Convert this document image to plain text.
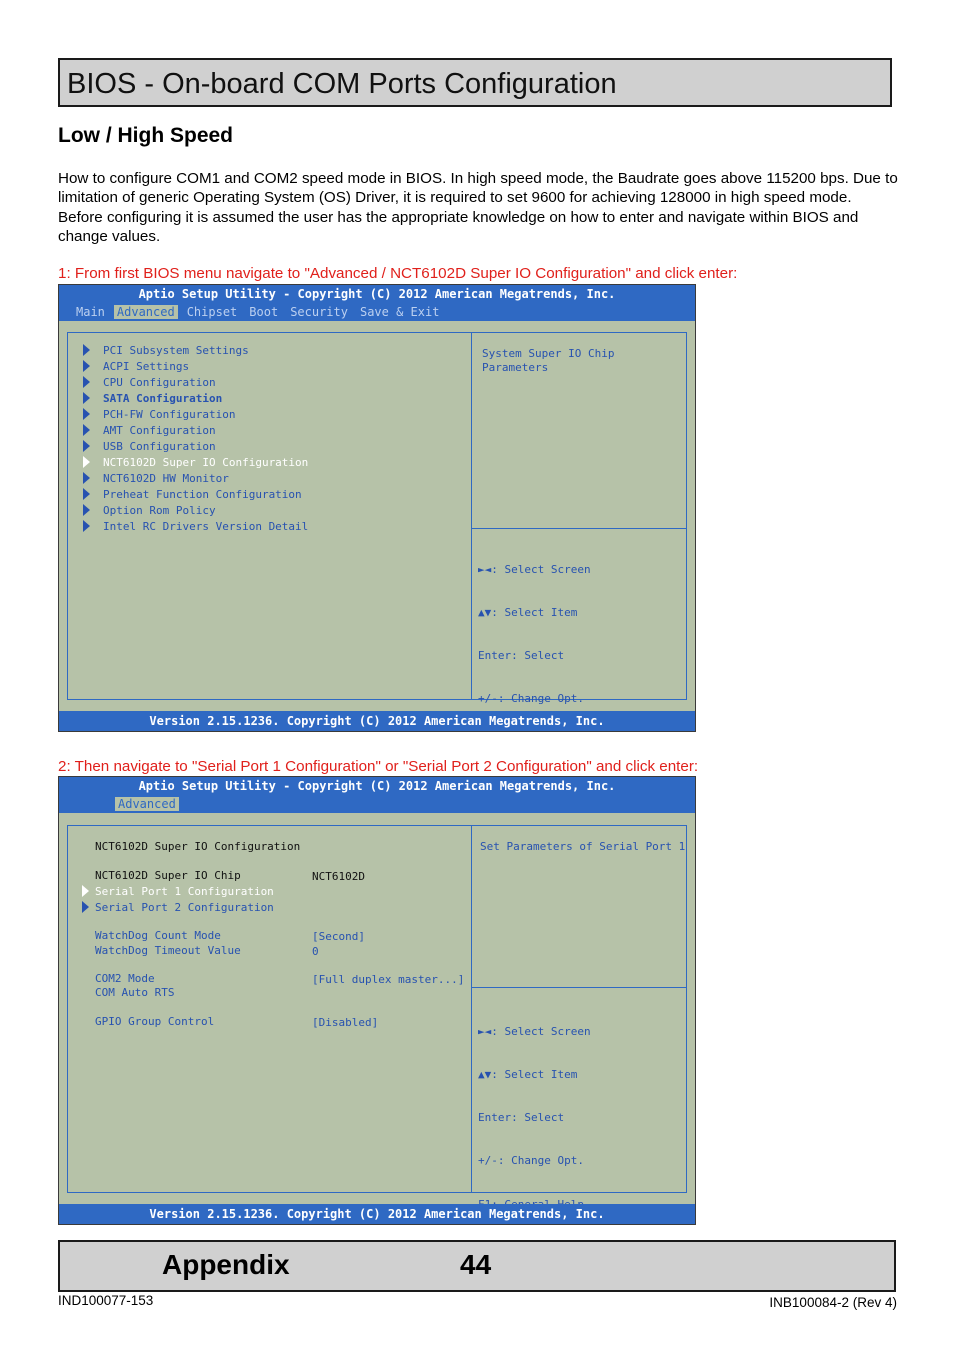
BIOS - On-board COM Ports Configuration
Low / High Speed
How to configure COM1 and COM2 speed mode in BIOS. In high speed mode, the Baudrate goes above 115200 bps. Due to limitation of generic Operating System (OS) Driver, it is required to set 9600 for achieving 128000 in high speed mode. Before configuring it is assumed the user has the appropriate knowledge on how to enter and navigate within BIOS and change values.
1: From first BIOS menu navigate to "Advanced / NCT6102D Super IO Configuration" and click enter:
Aptio Setup Utility - Copyright (C) 2012 American Megatrends, Inc.
Main Advanced Chipset Boot Security Save & Exit
PCI Subsystem Settings
ACPI Settings
CPU Configuration
SATA Configuration
PCH-FW Configuration
AMT Configuration
USB Configuration
NCT6102D Super IO Configuration
NCT6102D HW Monitor
Preheat Function Configuration
Option Rom Policy
Intel RC Drivers Version Detail
System Super IO Chip
Parameters

►◄: Select Screen

▲▼: Select Item

Enter: Select

+/-: Change Opt.

Version 2.15.1236. Copyright (C) 2012 American Megatrends, Inc.
2: Then navigate to "Serial Port 1 Configuration" or "Serial Port 2 Configuration" and click enter:
Aptio Setup Utility - Copyright (C) 2012 American Megatrends, Inc.
Advanced
NCT6102D Super IO Configuration
NCT6102D Super IO Chip	NCT6102D
Serial Port 1 Configuration
Serial Port 2 Configuration
WatchDog Count Mode	[Second]
WatchDog Timeout Value	0
COM2 Mode	[Full duplex master...]
COM Auto RTS
GPIO Group Control	[Disabled]
Set Parameters of Serial Port 1

►◄: Select Screen

▲▼: Select Item

Enter: Select

+/-: Change Opt.

Version 2.15.1236. Copyright (C) 2012 American Megatrends, Inc.
Appendix	44
IND100077-153	INB100084-2 (Rev 4)
